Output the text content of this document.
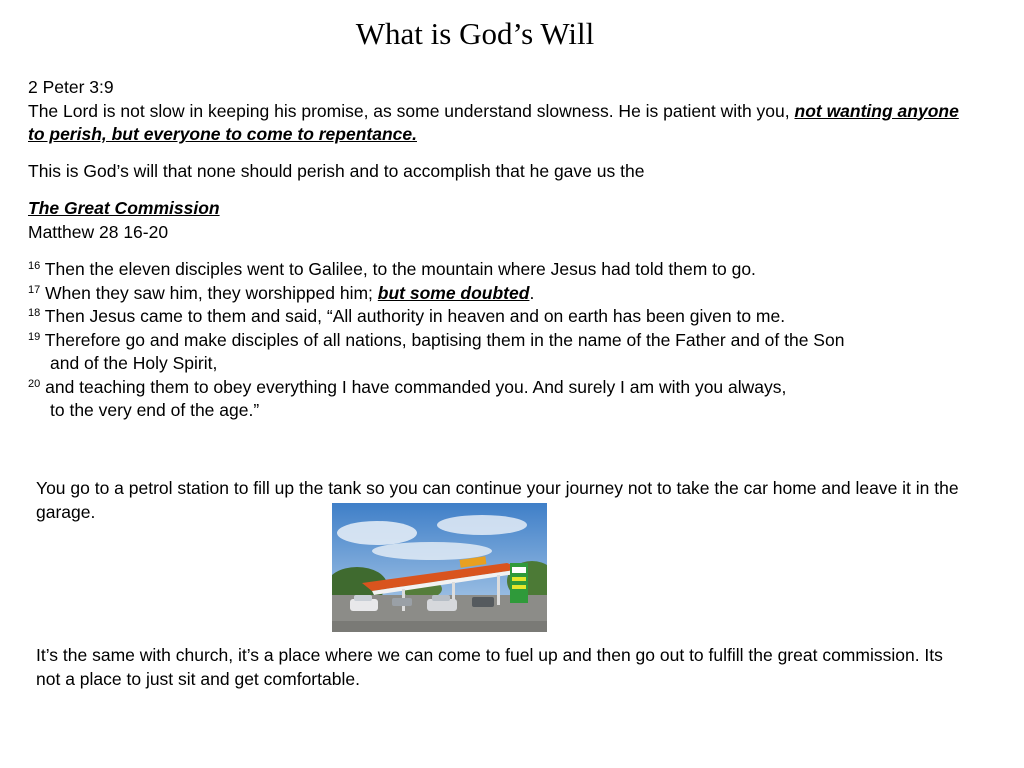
What is God’s Will

2 Peter 3:9

The Lord is not slow in keeping his promise, as some understand slowness. He is patient with you, not wanting anyone to perish, but everyone to come to repentance.

This is God’s will that none should perish and to accomplish that he gave us the

The Great Commission

Matthew 28 16-20

$^{16}$ Then the eleven disciples went to Galilee, to the mountain where Jesus had told them to go.

$^{17}$ When they saw him, they worshipped him; but some doubted.

$^{18}$ Then Jesus came to them and said, “All authority in heaven and on earth has been given to me.

$^{19}$ Therefore go and make disciples of all nations, baptising them in the name of the Father and of the Son

and of the Holy Spirit,

$^{20}$ and teaching them to obey everything I have commanded you. And surely I am with you always,

to the very end of the age.”

You go to a petrol station to fill up the tank so you can continue your journey not to take the car home and leave it in the garage.
It’s the same with church, it’s a place where we can come to fuel up and then go out to fulfill the great commission. Its not a place to just sit and get comfortable.
